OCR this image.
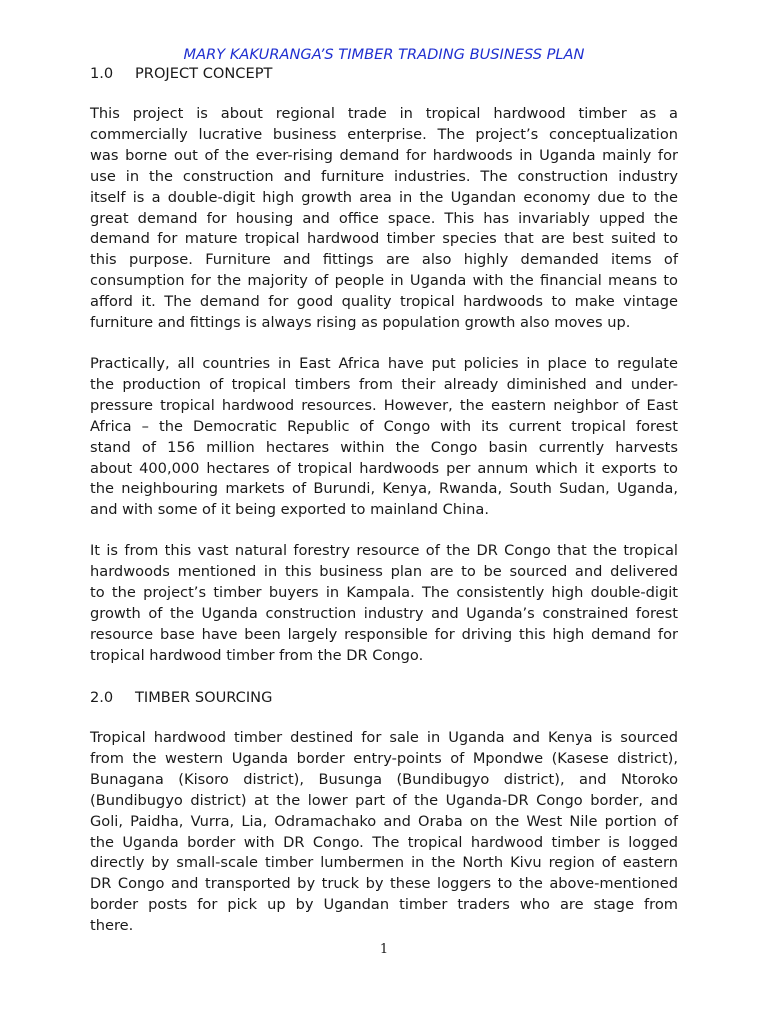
MARY KAKURANGA’S TIMBER TRADING BUSINESS PLAN
1.0 PROJECT CONCEPT
This project is about regional trade in tropical hardwood timber as a
commercially lucrative business enterprise. The project’s conceptualization
was borne out of the ever-rising demand for hardwoods in Uganda mainly for
use in the construction and furniture industries. The construction industry
itself is a double-digit high growth area in the Ugandan economy due to the
great demand for housing and office space. This has invariably upped the
demand for mature tropical hardwood timber species that are best suited to
this purpose. Furniture and fittings are also highly demanded items of
consumption for the majority of people in Uganda with the financial means to
afford it. The demand for good quality tropical hardwoods to make vintage
furniture and fittings is always rising as population growth also moves up.
Practically, all countries in East Africa have put policies in place to regulate
the production of tropical timbers from their already diminished and under-
pressure tropical hardwood resources. However, the eastern neighbor of East
Africa – the Democratic Republic of Congo with its current tropical forest
stand of 156 million hectares within the Congo basin currently harvests
about 400,000 hectares of tropical hardwoods per annum which it exports to
the neighbouring markets of Burundi, Kenya, Rwanda, South Sudan, Uganda,
and with some of it being exported to mainland China.
It is from this vast natural forestry resource of the DR Congo that the tropical
hardwoods mentioned in this business plan are to be sourced and delivered
to the project’s timber buyers in Kampala. The consistently high double-digit
growth of the Uganda construction industry and Uganda’s constrained forest
resource base have been largely responsible for driving this high demand for
tropical hardwood timber from the DR Congo.
2.0 TIMBER SOURCING
Tropical hardwood timber destined for sale in Uganda and Kenya is sourced
from the western Uganda border entry-points of Mpondwe (Kasese district),
Bunagana (Kisoro district), Busunga (Bundibugyo district), and Ntoroko
(Bundibugyo district) at the lower part of the Uganda-DR Congo border, and
Goli, Paidha, Vurra, Lia, Odramachako and Oraba on the West Nile portion of
the Uganda border with DR Congo. The tropical hardwood timber is logged
directly by small-scale timber lumbermen in the North Kivu region of eastern
DR Congo and transported by truck by these loggers to the above-mentioned
border posts for pick up by Ugandan timber traders who are stage from
there.
1
